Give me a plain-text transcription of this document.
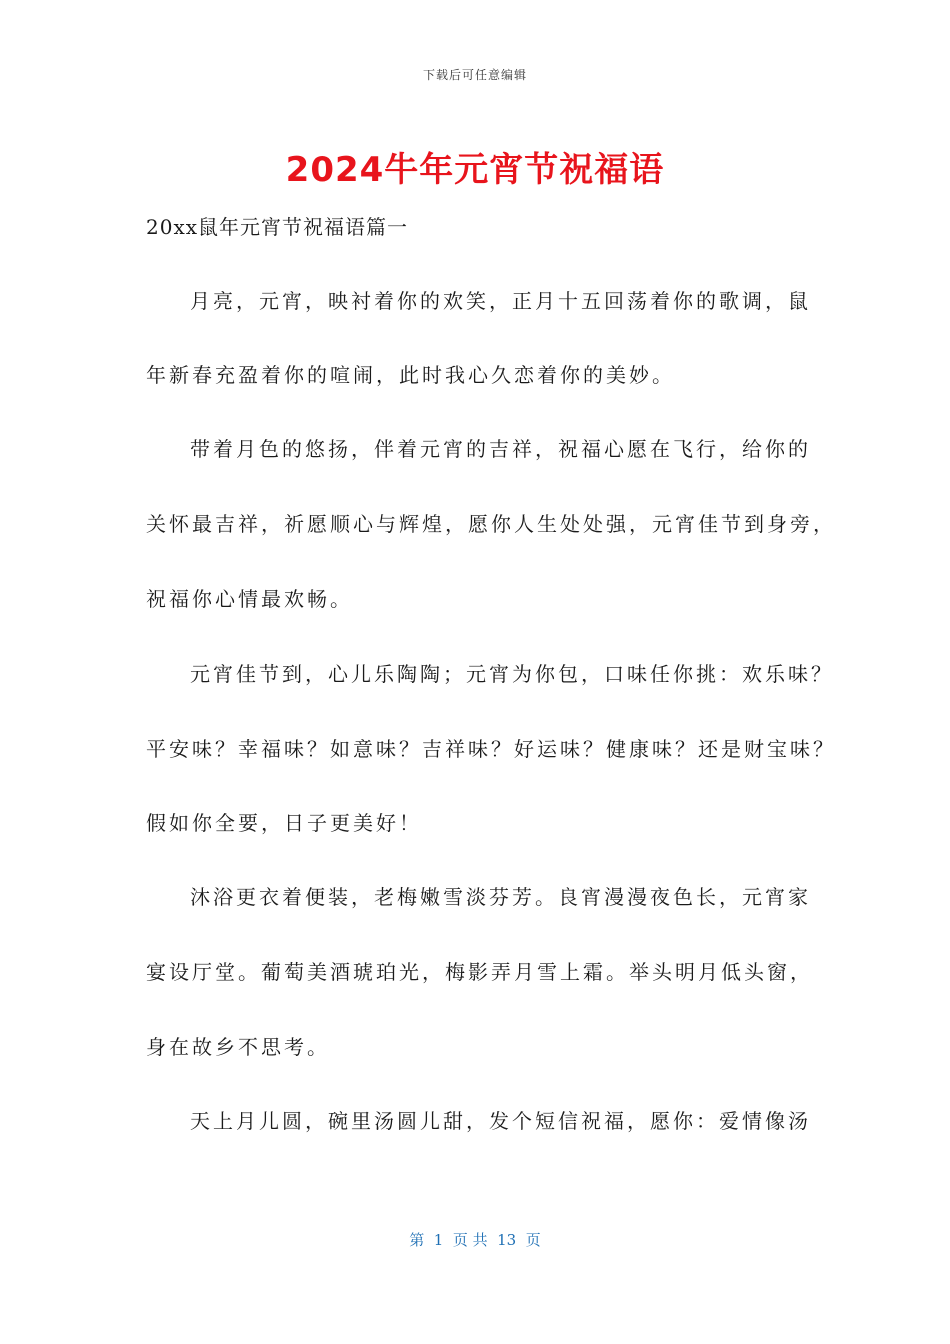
下载后可任意编辑
2024牛年元宵节祝福语
20xx鼠年元宵节祝福语篇一
月亮，元宵，映衬着你的欢笑，正月十五回荡着你的歌调，鼠
年新春充盈着你的喧闹，此时我心久恋着你的美妙。
带着月色的悠扬，伴着元宵的吉祥，祝福心愿在飞行，给你的
关怀最吉祥，祈愿顺心与辉煌，愿你人生处处强，元宵佳节到身旁，
祝福你心情最欢畅。
元宵佳节到，心儿乐陶陶；元宵为你包，口味任你挑：欢乐味？
平安味？幸福味？如意味？吉祥味？好运味？健康味？还是财宝味？
假如你全要，日子更美好！
沐浴更衣着便装，老梅嫩雪淡芬芳。良宵漫漫夜色长，元宵家
宴设厅堂。葡萄美酒琥珀光，梅影弄月雪上霜。举头明月低头窗，
身在故乡不思考。
天上月儿圆，碗里汤圆儿甜，发个短信祝福，愿你：爱情像汤
第  1  页 共  13  页
